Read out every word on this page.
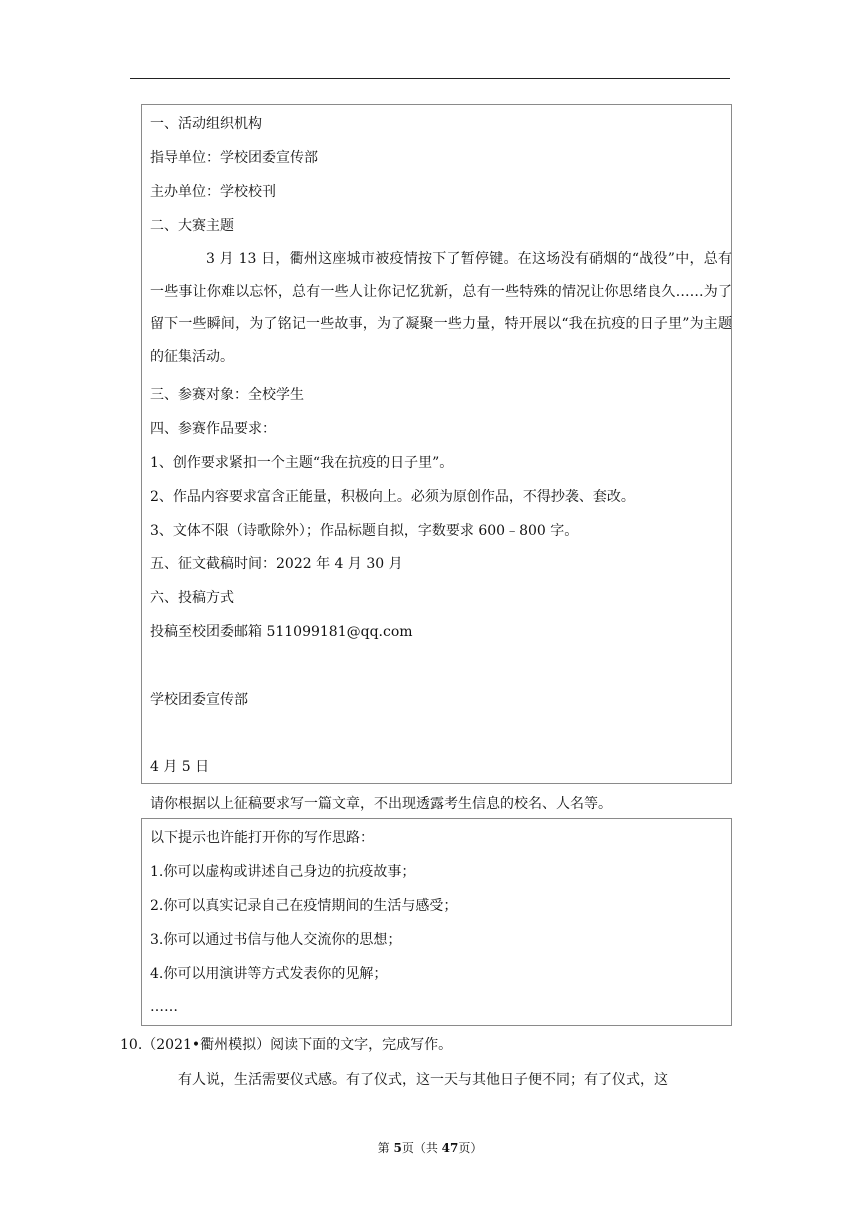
一、活动组织机构
指导单位：学校团委宣传部
主办单位：学校校刊
二、大赛主题
3 月 13 日，衢州这座城市被疫情按下了暂停键。在这场没有硝烟的“战役”中，总有一些事让你难以忘怀，总有一些人让你记忆犹新，总有一些特殊的情况让你思绪良久……为了留下一些瞬间，为了铭记一些故事，为了凝聚一些力量，特开展以“我在抗疫的日子里”为主题的征集活动。
三、参赛对象：全校学生
四、参赛作品要求：
1、创作要求紧扣一个主题“我在抗疫的日子里”。
2、作品内容要求富含正能量，积极向上。必须为原创作品，不得抄袭、套改。
3、文体不限（诗歌除外）；作品标题自拟，字数要求 600﹣800 字。
五、征文截稿时间：2022 年 4 月 30 月
六、投稿方式
投稿至校团委邮箱 511099181@qq.com
学校团委宣传部
4 月 5 日
请你根据以上征稿要求写一篇文章，不出现透露考生信息的校名、人名等。
以下提示也许能打开你的写作思路：
1.你可以虚构或讲述自己身边的抗疫故事；
2.你可以真实记录自己在疫情期间的生活与感受；
3.你可以通过书信与他人交流你的思想；
4.你可以用演讲等方式发表你的见解；
……
10.（2021•衢州模拟）阅读下面的文字，完成写作。
有人说，生活需要仪式感。有了仪式，这一天与其他日子便不同；有了仪式，这
第 5页（共 47页）
